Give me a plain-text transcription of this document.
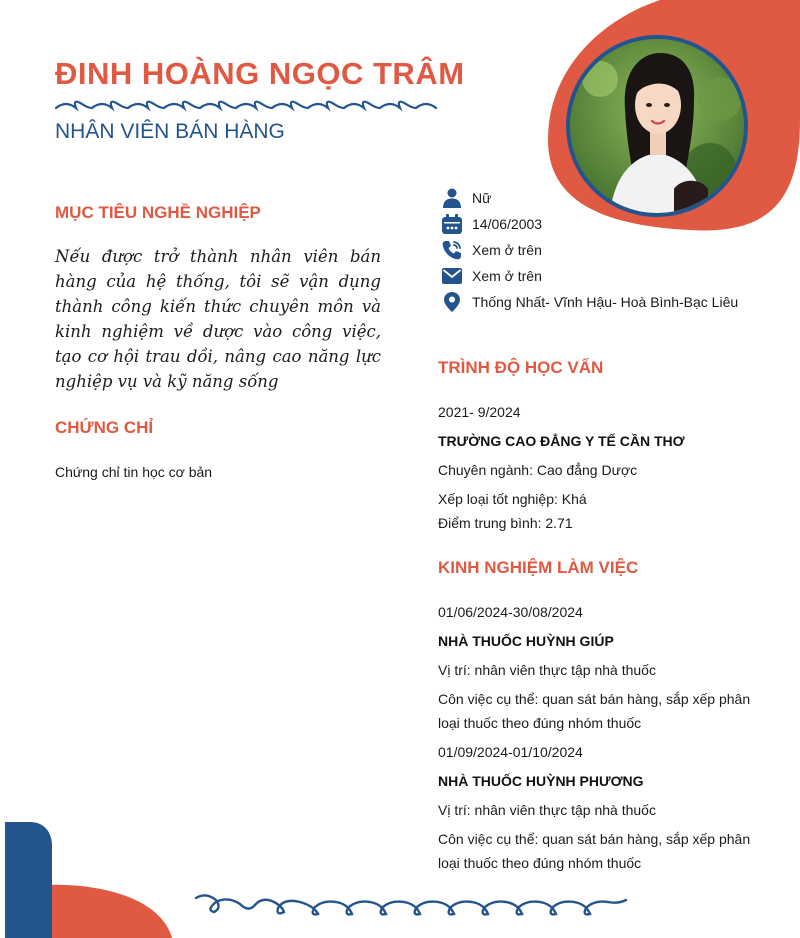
ĐINH HOÀNG NGỌC TRÂM
NHÂN VIÊN BÁN HÀNG
MỤC TIÊU NGHỀ NGHIỆP
Nếu được trở thành nhân viên bán hàng của hệ thống, tôi sẽ vận dụng thành công kiến thức chuyên môn và kinh nghiệm về dược vào công việc, tạo cơ hội trau dồi, nâng cao năng lực nghiệp vụ và kỹ năng sống
CHỨNG CHỈ
Chứng chỉ tin học cơ bản
Nữ
14/06/2003
Xem ở trên
Xem ở trên
Thống Nhất- Vĩnh Hậu- Hoà Bình-Bạc Liêu
TRÌNH ĐỘ HỌC VẤN
2021- 9/2024
TRƯỜNG CAO ĐẲNG Y TẾ CẦN THƠ
Chuyên ngành: Cao đẳng Dược
Xếp loại tốt nghiệp: Khá
Điểm trung bình: 2.71
KINH NGHIỆM LÀM VIỆC
01/06/2024-30/08/2024
NHÀ THUỐC HUỲNH GIÚP
Vị trí: nhân viên thực tập nhà thuốc
Côn việc cụ thể: quan sát bán hàng, sắp xếp phân loại thuốc theo đúng nhóm thuốc
01/09/2024-01/10/2024
NHÀ THUỐC HUỲNH PHƯƠNG
Vị trí: nhân viên thực tập nhà thuốc
Côn việc cụ thể: quan sát bán hàng, sắp xếp phân loại thuốc theo đúng nhóm thuốc
